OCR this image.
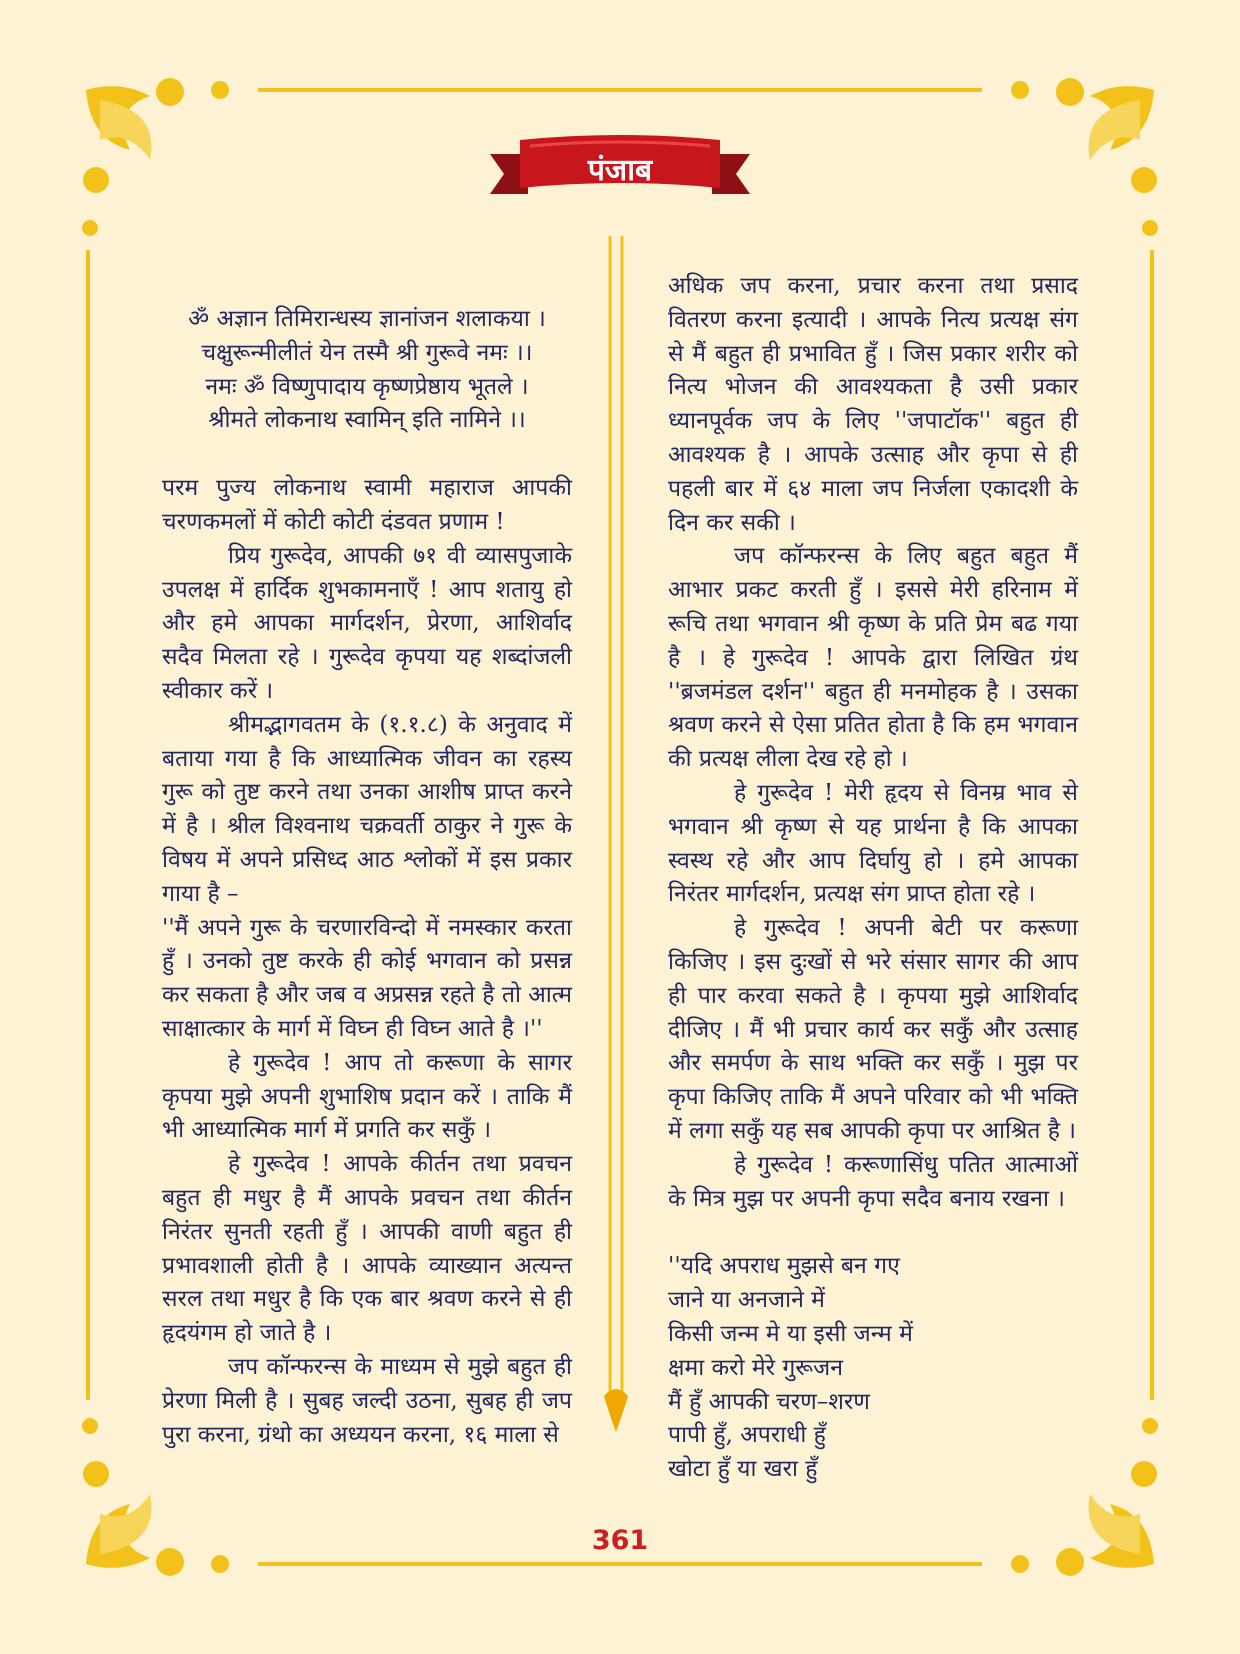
पंजाब

ॐ अज्ञान तिमिरान्धस्य ज्ञानांजन शलाकया ।

चक्षुरून्मीलीतं येन तस्मै श्री गुरूवे नमः ।।

नमः ॐ विष्णुपादाय कृष्णप्रेष्ठाय भूतले ।

श्रीमते लोकनाथ स्वामिन् इति नामिने ।।

परम पुज्य लोकनाथ स्वामी महाराज आपकी चरणकमलों में कोटी कोटी दंडवत प्रणाम !

प्रिय गुरूदेव, आपकी ७१ वी व्यासपुजाके उपलक्ष में हार्दिक शुभकामनाएँ ! आप शतायु हो और हमे आपका मार्गदर्शन, प्रेरणा, आशिर्वाद सदैव मिलता रहे । गुरूदेव कृपया यह शब्दांजली स्वीकार करें ।

श्रीमद्भागवतम के (१.१.८) के अनुवाद में बताया गया है कि आध्यात्मिक जीवन का रहस्य गुरू को तुष्ट करने तथा उनका आशीष प्राप्त करने में है । श्रील विश्वनाथ चक्रवर्ती ठाकुर ने गुरू के विषय में अपने प्रसिध्द आठ श्लोकों में इस प्रकार गाया है –

''मैं अपने गुरू के चरणारविन्दो में नमस्कार करता हुँ । उनको तुष्ट करके ही कोई भगवान को प्रसन्न कर सकता है और जब व अप्रसन्न रहते है तो आत्म साक्षात्कार के मार्ग में विघ्न ही विघ्न आते है ।''

हे गुरूदेव ! आप तो करूणा के सागर कृपया मुझे अपनी शुभाशिष प्रदान करें । ताकि मैं भी आध्यात्मिक मार्ग में प्रगति कर सकुँ ।

हे गुरूदेव ! आपके कीर्तन तथा प्रवचन बहुत ही मधुर है मैं आपके प्रवचन तथा कीर्तन निरंतर सुनती रहती हुँ । आपकी वाणी बहुत ही प्रभावशाली होती है । आपके व्याख्यान अत्यन्त सरल तथा मधुर है कि एक बार श्रवण करने से ही हृदयंगम हो जाते है ।

जप कॉन्फरन्स के माध्यम से मुझे बहुत ही प्रेरणा मिली है । सुबह जल्दी उठना, सुबह ही जप पुरा करना, ग्रंथो का अध्ययन करना, १६ माला से

अधिक जप करना, प्रचार करना तथा प्रसाद वितरण करना इत्यादी । आपके नित्य प्रत्यक्ष संग से मैं बहुत ही प्रभावित हुँ । जिस प्रकार शरीर को नित्य भोजन की आवश्यकता है उसी प्रकार ध्यानपूर्वक जप के लिए ''जपाटॉक'' बहुत ही आवश्यक है । आपके उत्साह और कृपा से ही पहली बार में ६४ माला जप निर्जला एकादशी के दिन कर सकी ।

जप कॉन्फरन्स के लिए बहुत बहुत मैं आभार प्रकट करती हुँ । इससे मेरी हरिनाम में रूचि तथा भगवान श्री कृष्ण के प्रति प्रेम बढ गया है । हे गुरूदेव ! आपके द्वारा लिखित ग्रंथ ''ब्रजमंडल दर्शन'' बहुत ही मनमोहक है । उसका श्रवण करने से ऐसा प्रतित होता है कि हम भगवान की प्रत्यक्ष लीला देख रहे हो ।

हे गुरूदेव ! मेरी हृदय से विनम्र भाव से भगवान श्री कृष्ण से यह प्रार्थना है कि आपका स्वस्थ रहे और आप दिर्घायु हो । हमे आपका निरंतर मार्गदर्शन, प्रत्यक्ष संग प्राप्त होता रहे ।

हे गुरूदेव ! अपनी बेटी पर करूणा किजिए । इस दुःखों से भरे संसार सागर की आप ही पार करवा सकते है । कृपया मुझे आशिर्वाद दीजिए । मैं भी प्रचार कार्य कर सकुँ और उत्साह और समर्पण के साथ भक्ति कर सकुँ । मुझ पर कृपा किजिए ताकि मैं अपने परिवार को भी भक्ति में लगा सकुँ यह सब आपकी कृपा पर आश्रित है ।

हे गुरूदेव ! करूणासिंधु पतित आत्माओं के मित्र मुझ पर अपनी कृपा सदैव बनाय रखना ।

''यदि अपराध मुझसे बन गए

जाने या अनजाने में

किसी जन्म मे या इसी जन्म में

क्षमा करो मेरे गुरूजन

मैं हुँ आपकी चरण–शरण

पापी हुँ, अपराधी हुँ

खोटा हुँ या खरा हुँ

361
